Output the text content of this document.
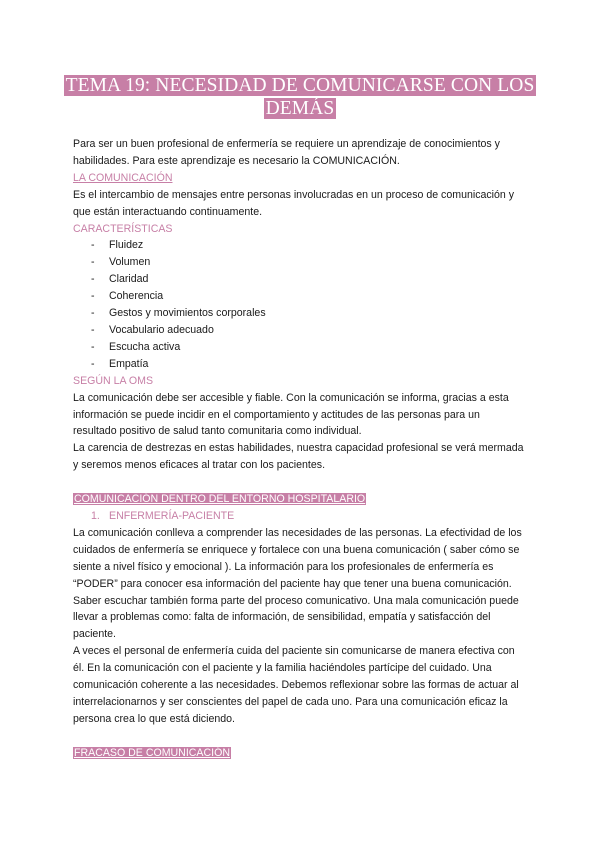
TEMA 19: NECESIDAD DE COMUNICARSE CON LOS
DEMÁS

Para ser un buen profesional de enfermería se requiere un aprendizaje de conocimientos y habilidades. Para este aprendizaje es necesario la COMUNICACIÓN.

LA COMUNICACIÓN

Es el intercambio de mensajes entre personas involucradas en un proceso de comunicación y que están interactuando continuamente.

CARACTERÍSTICAS

- Fluidez
- Volumen
- Claridad
- Coherencia
- Gestos y movimientos corporales
- Vocabulario adecuado
- Escucha activa
- Empatía

SEGÚN LA OMS

La comunicación debe ser accesible y fiable. Con la comunicación se informa, gracias a esta información se puede incidir en el comportamiento y actitudes de las personas para un resultado positivo de salud tanto comunitaria como individual.

La carencia de destrezas en estas habilidades, nuestra capacidad profesional se verá mermada y seremos menos eficaces al tratar con los pacientes.

COMUNICACIÓN DENTRO DEL ENTORNO HOSPITALARIO

1. ENFERMERÍA-PACIENTE

La comunicación conlleva a comprender las necesidades de las personas. La efectividad de los cuidados de enfermería se enriquece y fortalece con una buena comunicación ( saber cómo se siente a nivel físico y emocional ). La información para los profesionales de enfermería es “PODER” para conocer esa información del paciente hay que tener una buena comunicación. Saber escuchar también forma parte del proceso comunicativo. Una mala comunicación puede llevar a problemas como: falta de información, de sensibilidad, empatía y satisfacción del paciente.

A veces el personal de enfermería cuida del paciente sin comunicarse de manera efectiva con él. En la comunicación con el paciente y la familia haciéndoles partícipe del cuidado. Una comunicación coherente a las necesidades. Debemos reflexionar sobre las formas de actuar al interrelacionarnos y ser conscientes del papel de cada uno. Para una comunicación eficaz la persona crea lo que está diciendo.

FRACASO DE COMUNICACIÓN
